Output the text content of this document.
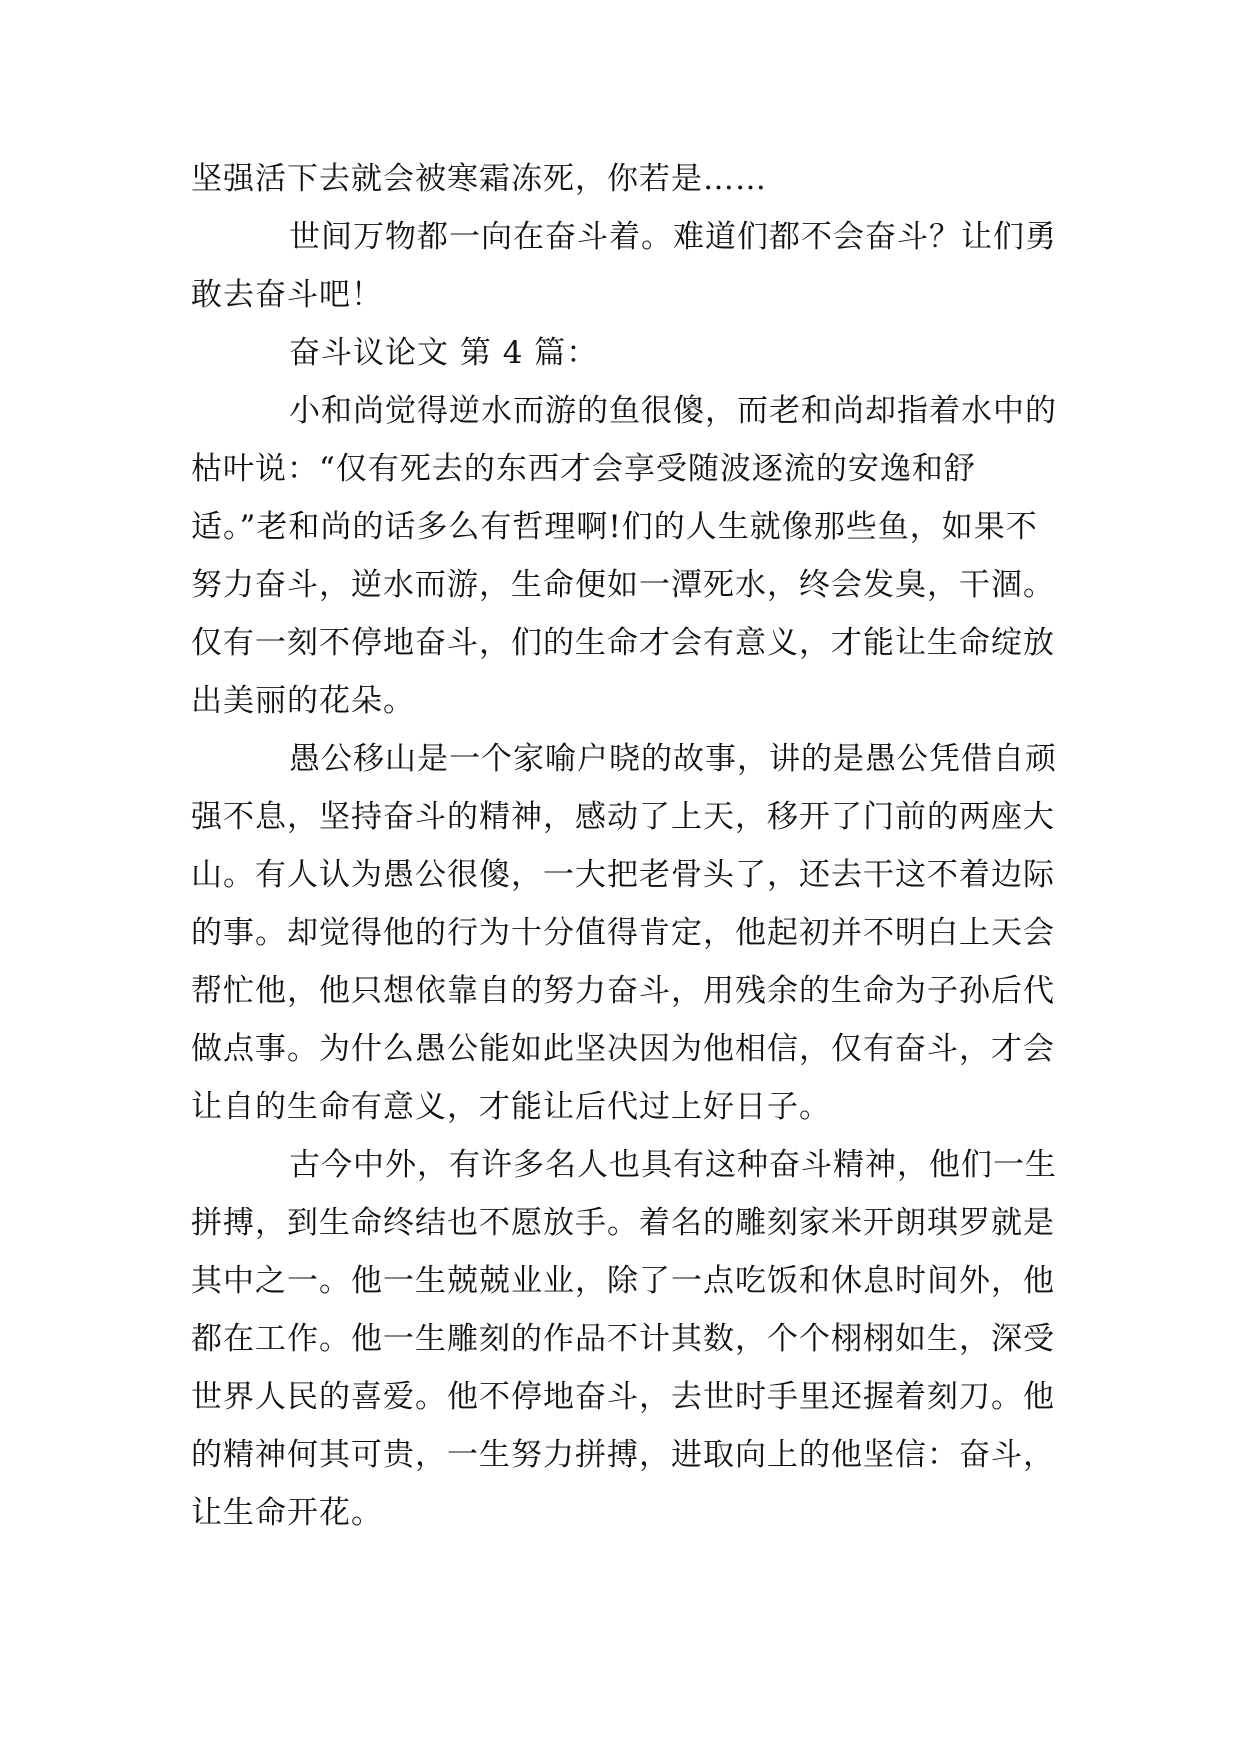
坚强活下去就会被寒霜冻死，你若是……

世间万物都一向在奋斗着。难道们都不会奋斗？让们勇敢去奋斗吧！

奋斗议论文 第 4 篇：

小和尚觉得逆水而游的鱼很傻，而老和尚却指着水中的枯叶说：“仅有死去的东西才会享受随波逐流的安逸和舒适。”老和尚的话多么有哲理啊!们的人生就像那些鱼，如果不努力奋斗，逆水而游，生命便如一潭死水，终会发臭，干涸。仅有一刻不停地奋斗，们的生命才会有意义，才能让生命绽放出美丽的花朵。

愚公移山是一个家喻户晓的故事，讲的是愚公凭借自顽强不息，坚持奋斗的精神，感动了上天，移开了门前的两座大山。有人认为愚公很傻，一大把老骨头了，还去干这不着边际的事。却觉得他的行为十分值得肯定，他起初并不明白上天会帮忙他，他只想依靠自的努力奋斗，用残余的生命为子孙后代做点事。为什么愚公能如此坚决因为他相信，仅有奋斗，才会让自的生命有意义，才能让后代过上好日子。

古今中外，有许多名人也具有这种奋斗精神，他们一生拼搏，到生命终结也不愿放手。着名的雕刻家米开朗琪罗就是其中之一。他一生兢兢业业，除了一点吃饭和休息时间外，他都在工作。他一生雕刻的作品不计其数，个个栩栩如生，深受世界人民的喜爱。他不停地奋斗，去世时手里还握着刻刀。他的精神何其可贵，一生努力拼搏，进取向上的他坚信：奋斗，让生命开花。
